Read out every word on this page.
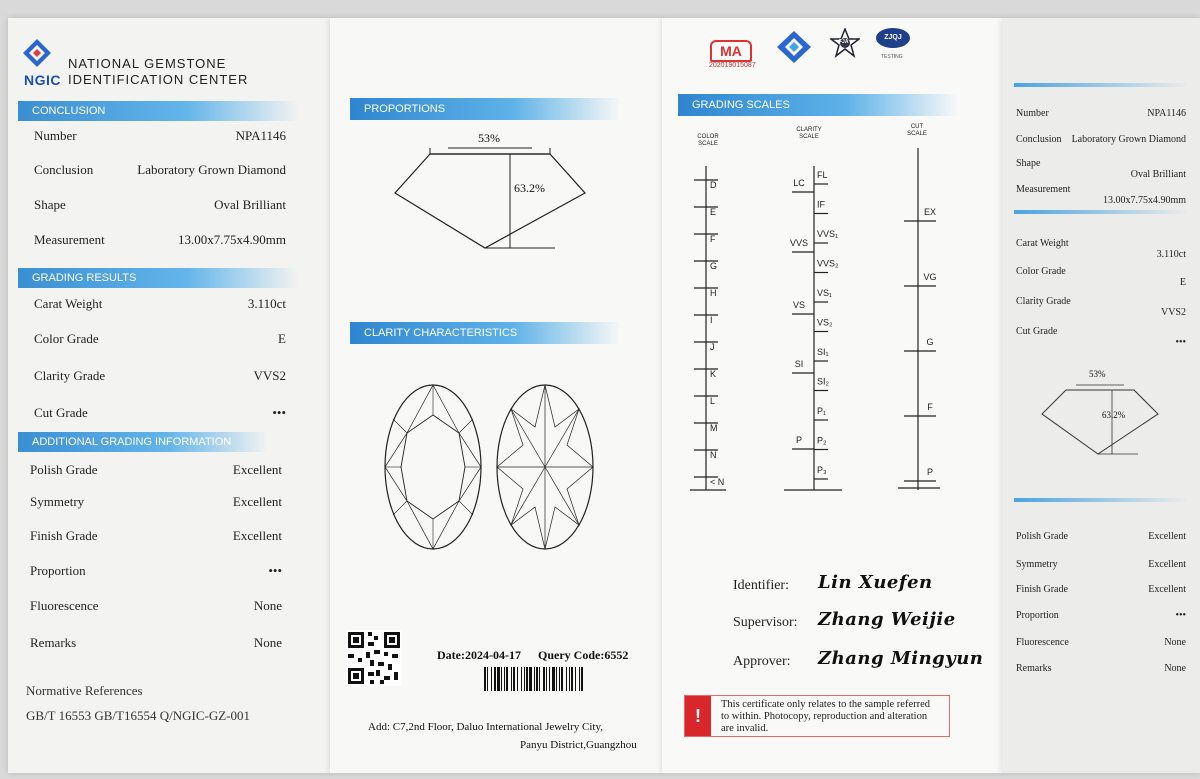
NGIC
NATIONAL GEMSTONE
IDENTIFICATION CENTER
CONCLUSION
Number	NPA1146
Conclusion	Laboratory Grown Diamond
Shape	Oval Brilliant
Measurement	13.00x7.75x4.90mm
GRADING RESULTS
Carat Weight	3.110ct
Color Grade	E
Clarity Grade	VVS2
Cut Grade	•••
ADDITIONAL GRADING INFORMATION
Polish Grade	Excellent
Symmetry	Excellent
Finish Grade	Excellent
Proportion	•••
Fluorescence	None
Remarks	None
Normative References
GB/T 16553 GB/T16554 Q/NGIC-GZ-001
PROPORTIONS
53%
63.2%
CLARITY CHARACTERISTICS
Date:2024-04-17 Query Code:6552
Add: C7,2nd Floor, Daluo International Jewelry City,
Panyu District,Guangzhou
MA
202019015087
FJA
ZJQJ
TESTING
GRADING SCALES
COLOR
SCALE
CLARITY
SCALE
CUT
SCALE
D
E
F
G
H
I
J
K
L
M
N
< N
FL
IF
VVS₁
VVS₂
VS₁
VS₂
SI₁
SI₂
P₁
P₂
P₃
LC
VVS
VS
SI
P
EX
VG
G
F
P
Identifier: Lin Xuefen
Supervisor: Zhang Weijie
Approver: Zhang Mingyun
!
This certificate only relates to the sample referred
to within. Photocopy, reproduction and alteration
are invalid.
Number	NPA1146
Conclusion Laboratory Grown Diamond
Shape
Oval Brilliant
Measurement
13.00x7.75x4.90mm
Carat Weight
3.110ct
Color Grade
E
Clarity Grade
VVS2
Cut Grade
•••
53%
63.2%
Polish Grade	Excellent
Symmetry	Excellent
Finish Grade	Excellent
Proportion	•••
Fluorescence	None
Remarks	None
